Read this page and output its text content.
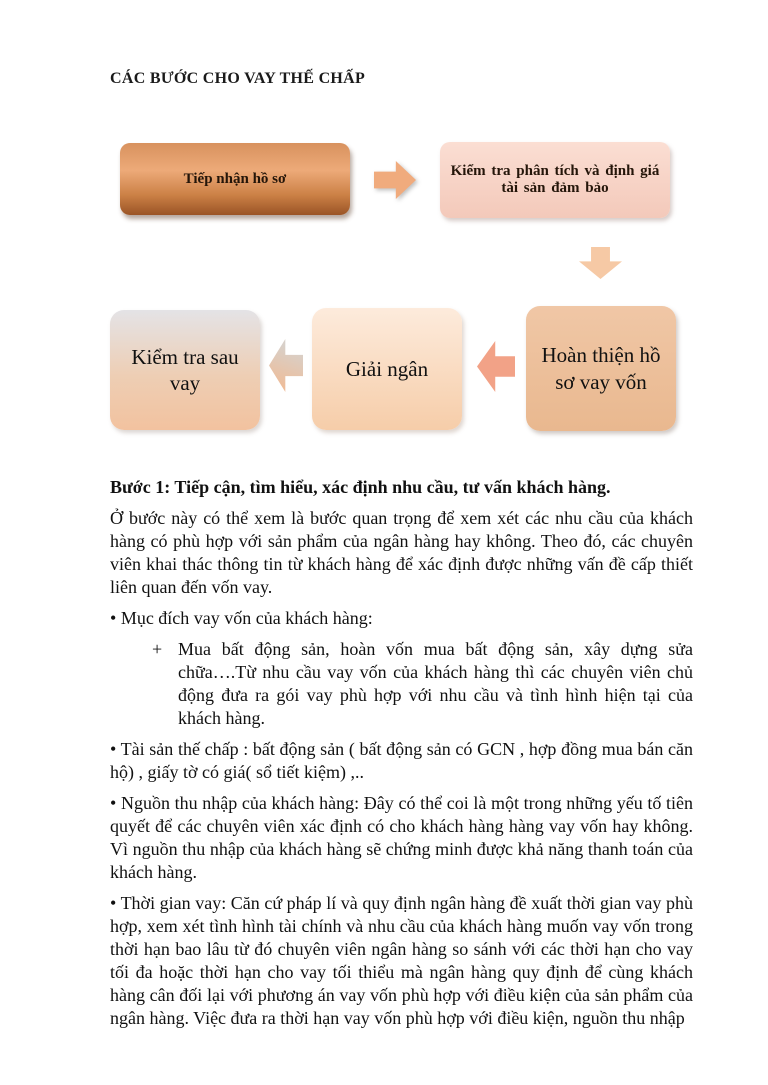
CÁC BƯỚC CHO VAY THẾ CHẤP
Tiếp nhận hồ sơ	Kiểm tra phân tích và định giá tài sản đảm bảo
Kiểm tra sau vay
Giải ngân
Hoàn thiện hồ sơ vay vốn

Bước 1: Tiếp cận, tìm hiểu, xác định nhu cầu, tư vấn khách hàng.

Ở bước này có thể xem là bước quan trọng để xem xét các nhu cầu của khách hàng có phù hợp với sản phẩm của ngân hàng hay không. Theo đó, các chuyên viên khai thác thông tin từ khách hàng để xác định được những vấn đề cấp thiết liên quan đến vốn vay.

• Mục đích vay vốn của khách hàng:

+ Mua bất động sản, hoàn vốn mua bất động sản, xây dựng sửa chữa….Từ nhu cầu vay vốn của khách hàng thì các chuyên viên chủ động đưa ra gói vay phù hợp với nhu cầu và tình hình hiện tại của khách hàng.

• Tài sản thế chấp : bất động sản ( bất động sản có GCN , hợp đồng mua bán căn hộ) , giấy tờ có giá( sổ tiết kiệm) ,..

• Nguồn thu nhập của khách hàng: Đây có thể coi là một trong những yếu tố tiên quyết để các chuyên viên xác định có cho khách hàng hàng vay vốn hay không. Vì nguồn thu nhập của khách hàng sẽ chứng minh được khả năng thanh toán của khách hàng.

• Thời gian vay: Căn cứ pháp lí và quy định ngân hàng đề xuất thời gian vay phù hợp, xem xét tình hình tài chính và nhu cầu của khách hàng muốn vay vốn trong thời hạn bao lâu từ đó chuyên viên ngân hàng so sánh với các thời hạn cho vay tối đa hoặc thời hạn cho vay tối thiểu mà ngân hàng quy định để cùng khách hàng cân đối lại với phương án vay vốn phù hợp với điều kiện của sản phẩm của ngân hàng. Việc đưa ra thời hạn vay vốn phù hợp với điều kiện, nguồn thu nhập
